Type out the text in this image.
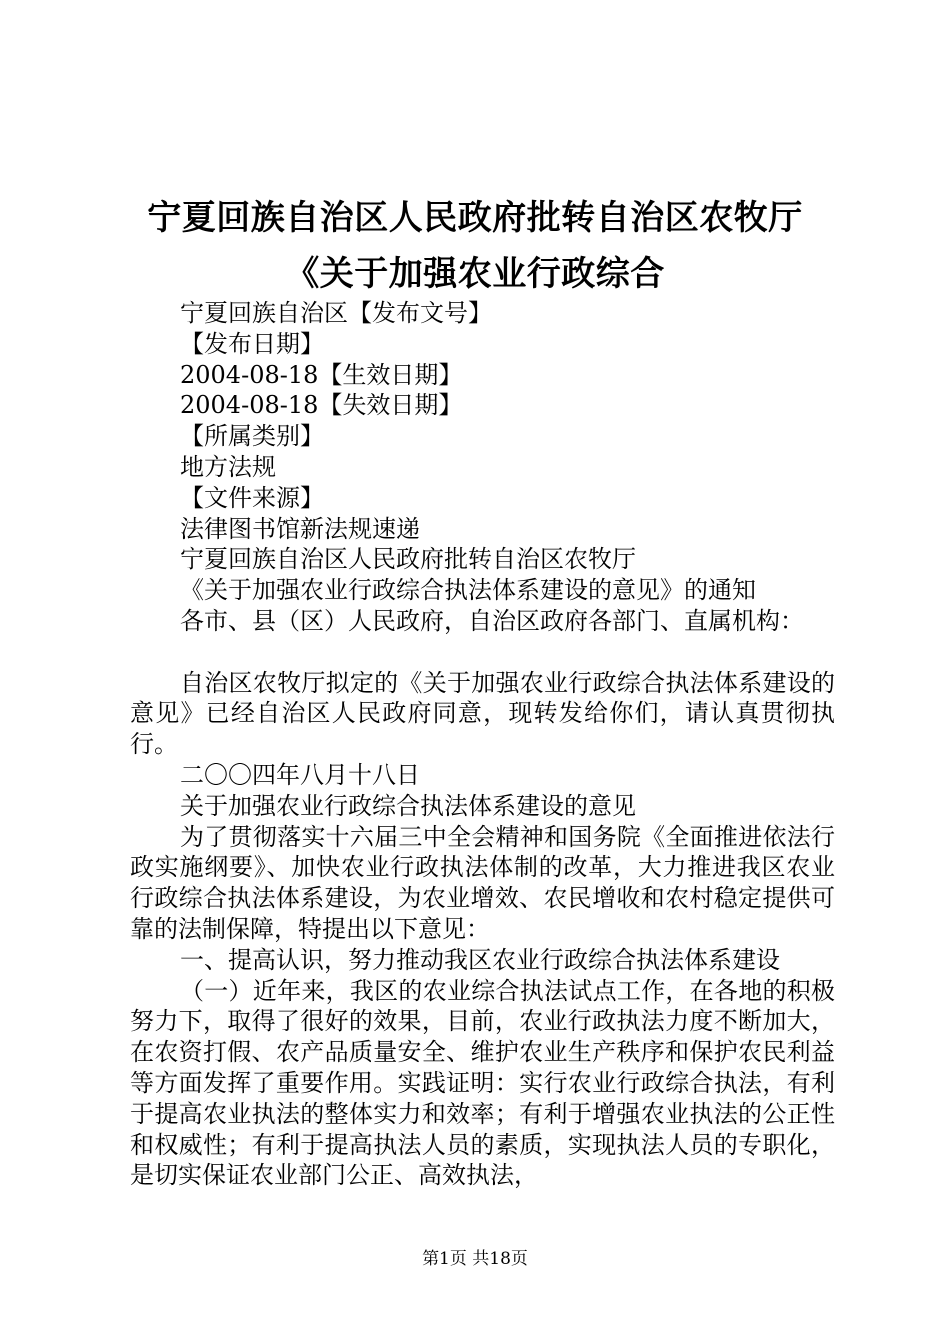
宁夏回族自治区人民政府批转自治区农牧厅
《关于加强农业行政综合
宁夏回族自治区【发布文号】
【发布日期】
2004-08-18【生效日期】
2004-08-18【失效日期】
【所属类别】
地方法规
【文件来源】
法律图书馆新法规速递
宁夏回族自治区人民政府批转自治区农牧厅
《关于加强农业行政综合执法体系建设的意见》的通知
各市、县（区）人民政府，自治区政府各部门、直属机构：
自治区农牧厅拟定的《关于加强农业行政综合执法体系建设的意见》已经自治区人民政府同意，现转发给你们，请认真贯彻执行。
二〇〇四年八月十八日
关于加强农业行政综合执法体系建设的意见
为了贯彻落实十六届三中全会精神和国务院《全面推进依法行政实施纲要》、加快农业行政执法体制的改革，大力推进我区农业行政综合执法体系建设，为农业增效、农民增收和农村稳定提供可靠的法制保障，特提出以下意见：
一、提高认识，努力推动我区农业行政综合执法体系建设
（一）近年来，我区的农业综合执法试点工作，在各地的积极努力下，取得了很好的效果，目前，农业行政执法力度不断加大，在农资打假、农产品质量安全、维护农业生产秩序和保护农民利益等方面发挥了重要作用。实践证明：实行农业行政综合执法，有利于提高农业执法的整体实力和效率；有利于增强农业执法的公正性和权威性；有利于提高执法人员的素质，实现执法人员的专职化，是切实保证农业部门公正、高效执法，
第1页 共18页
